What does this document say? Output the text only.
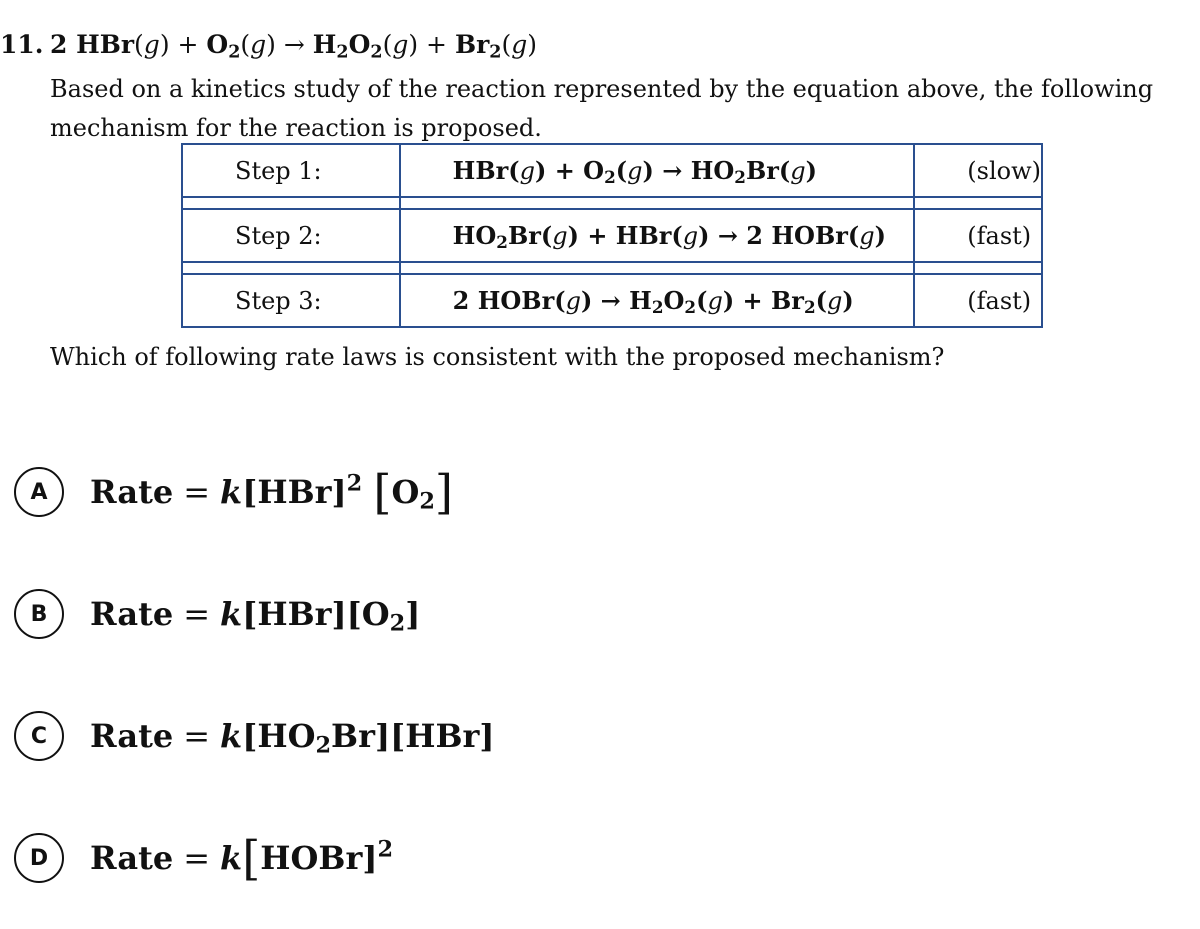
11. 2 $HBr(g) + O_2(g) \to H_2O_2(g) + Br_2(g)$
Based on a kinetics study of the reaction represented by the equation above, the following mechanism for the reaction is proposed.
Step 1:	$HBr(g) + O_2(g) \to HO_2Br(g)$	(slow)

Step 2:	$HO_2Br(g) + HBr(g) \to 2$ HOBr(g)	(fast)

Step 3:	2 HOBr(g) → $H_2O_2(g) + Br_2(g)$	(fast)
Which of following rate laws is consistent with the proposed mechanism?
A	Rate = k[HBr]$^2$ $[O_2]$
B	Rate = $k[HBr][O_2]$
C	Rate = $k[HO_2Br][HBr]$
D	Rate = k[HOBr]$^2$
